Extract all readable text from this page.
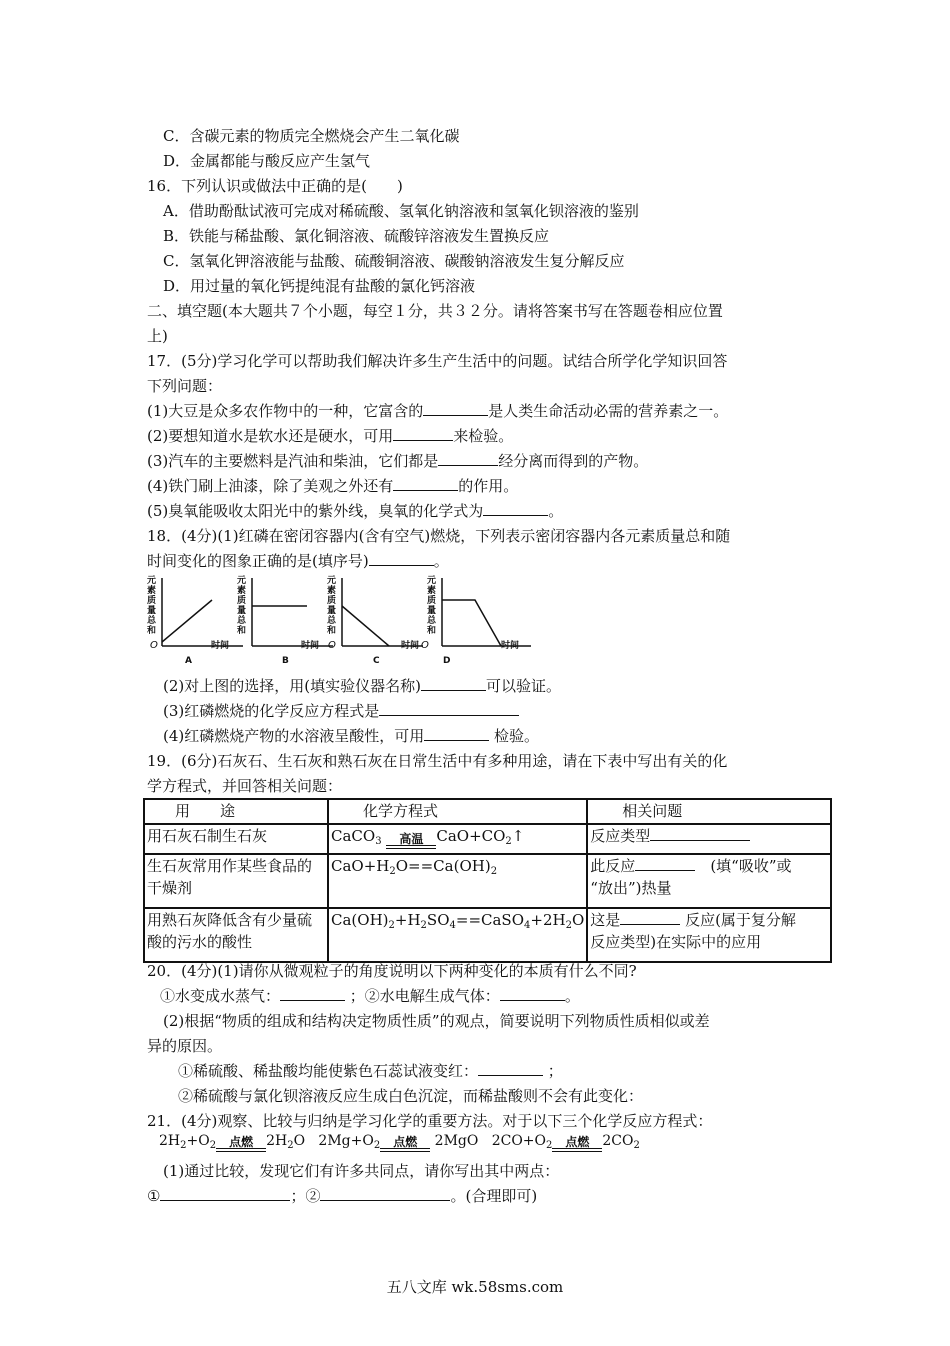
C．含碳元素的物质完全燃烧会产生二氧化碳
D．金属都能与酸反应产生氢气
16．下列认识或做法中正确的是(　　)
A．借助酚酞试液可完成对稀硫酸、氢氧化钠溶液和氢氧化钡溶液的鉴别
B．铁能与稀盐酸、氯化铜溶液、硫酸锌溶液发生置换反应
C．氢氧化钾溶液能与盐酸、硫酸铜溶液、碳酸钠溶液发生复分解反应
D．用过量的氧化钙提纯混有盐酸的氯化钙溶液
二、填空题(本大题共７个小题，每空１分，共３２分。请将答案书写在答题卷相应位置
上)
17．(5分)学习化学可以帮助我们解决许多生产生活中的问题。试结合所学化学知识回答
下列问题：
(1)大豆是众多农作物中的一种，它富含的	是人类生命活动必需的营养素之一。
(2)要想知道水是软水还是硬水，可用	来检验。
(3)汽车的主要燃料是汽油和柴油，它们都是	经分离而得到的产物。
(4)铁门刷上油漆，除了美观之外还有	的作用。
(5)臭氧能吸收太阳光中的紫外线，臭氧的化学式为	。
18．(4分)(1)红磷在密闭容器内(含有空气)燃烧，下列表示密闭容器内各元素质量总和随
时间变化的图象正确的是(填序号)	。
元素质量总和
O	时间
A
元素质量总和
时间
B
元素质量总和
时间
C
元素质量总和
O	时间
D
O
(2)对上图的选择，用(填实验仪器名称)	可以验证。
(3)红磷燃烧的化学反应方程式是
(4)红磷燃烧产物的水溶液呈酸性，可用	检验。
19．(6分)石灰石、生石灰和熟石灰在日常生活中有多种用途，请在下表中写出有关的化
学方程式，并回答相关问题：
用　　途	化学方程式	相关问题
用石灰石制生石灰	CaCO$_3$ 高温 $CaO+CO_2↑$	反应类型
生石灰常用作某些食品的
干燥剂	$CaO+H_2O==Ca(OH)_2$	此反应　 (填“吸收”或
“放出”)热量
用熟石灰降低含有少量硫
酸的污水的酸性	$Ca(OH)_2+H_2SO_4==CaSO_4+2H_2O$	这是 反应(属于复分解
反应类型)在实际中的应用
20．(4分)(1)请你从微观粒子的角度说明以下两种变化的本质有什么不同?
①水变成水蒸气：	；②水电解生成气体：	。
(2)根据“物质的组成和结构决定物质性质”的观点，简要说明下列物质性质相似或差
异的原因。
①稀硫酸、稀盐酸均能使紫色石蕊试液变红：	；
②稀硫酸与氯化钡溶液反应生成白色沉淀，而稀盐酸则不会有此变化：
21．(4分)观察、比较与归纳是学习化学的重要方法。对于以下三个化学反应方程式：
$2H_2+O_2$	点燃 $2H_2O$   $2Mg+O_2$	点燃 2MgO   $2CO+O_2$	点燃 $2CO_2$
(1)通过比较，发现它们有许多共同点，请你写出其中两点：
①	；②	。(合理即可)
五八文库 wk.58sms.com
